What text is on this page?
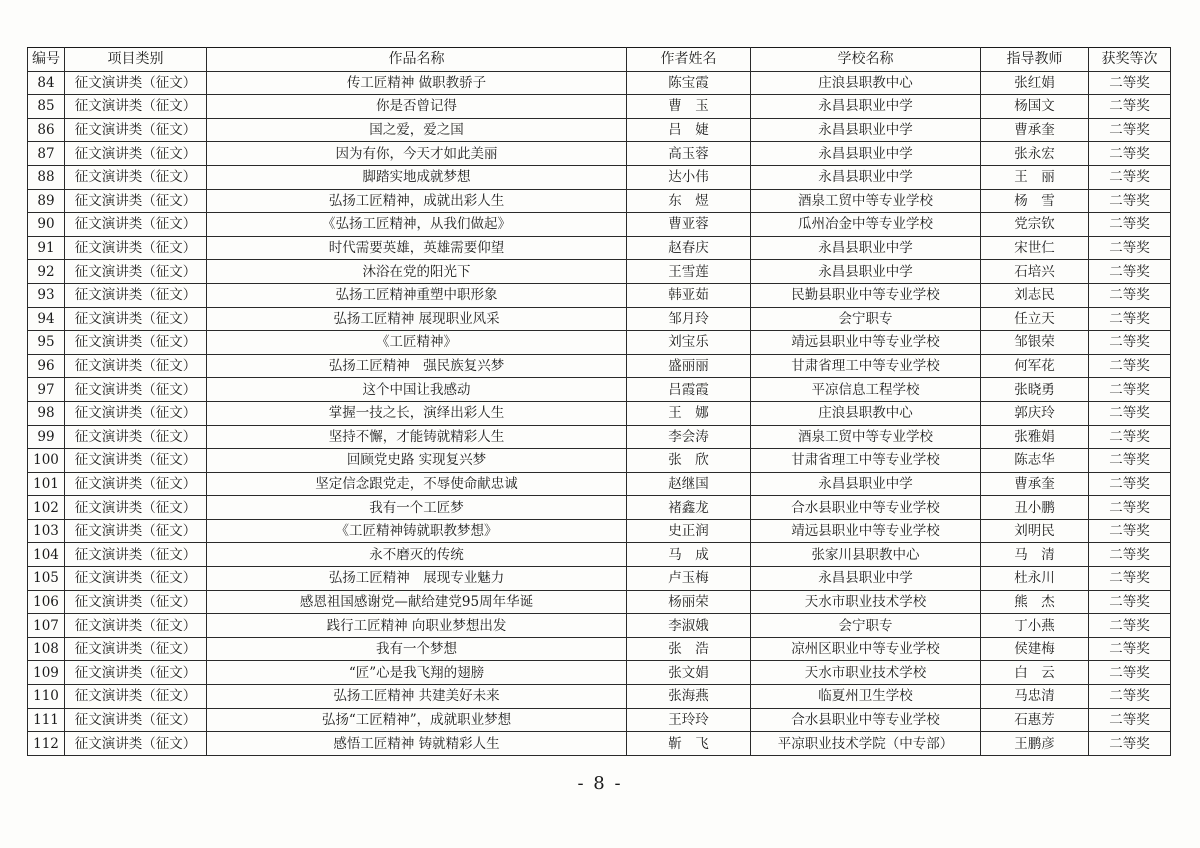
编号	项目类别	作品名称	作者姓名	学校名称	指导教师	获奖等次
84	征文演讲类（征文）	传工匠精神 做职教骄子	陈宝霞	庄浪县职教中心	张红娟	二等奖
85	征文演讲类（征文）	你是否曾记得	曹　玉	永昌县职业中学	杨国文	二等奖
86	征文演讲类（征文）	国之爱，爱之国	吕　婕	永昌县职业中学	曹承奎	二等奖
87	征文演讲类（征文）	因为有你，今天才如此美丽	高玉蓉	永昌县职业中学	张永宏	二等奖
88	征文演讲类（征文）	脚踏实地成就梦想	达小伟	永昌县职业中学	王　丽	二等奖
89	征文演讲类（征文）	弘扬工匠精神，成就出彩人生	东　煜	酒泉工贸中等专业学校	杨　雪	二等奖
90	征文演讲类（征文）	《弘扬工匠精神，从我们做起》	曹亚蓉	瓜州冶金中等专业学校	党宗钦	二等奖
91	征文演讲类（征文）	时代需要英雄，英雄需要仰望	赵春庆	永昌县职业中学	宋世仁	二等奖
92	征文演讲类（征文）	沐浴在党的阳光下	王雪莲	永昌县职业中学	石培兴	二等奖
93	征文演讲类（征文）	弘扬工匠精神重塑中职形象	韩亚茹	民勤县职业中等专业学校	刘志民	二等奖
94	征文演讲类（征文）	弘扬工匠精神 展现职业风采	邹月玲	会宁职专	任立天	二等奖
95	征文演讲类（征文）	《工匠精神》	刘宝乐	靖远县职业中等专业学校	邹银荣	二等奖
96	征文演讲类（征文）	弘扬工匠精神　强民族复兴梦	盛丽丽	甘肃省理工中等专业学校	何军花	二等奖
97	征文演讲类（征文）	这个中国让我感动	吕霞霞	平凉信息工程学校	张晓勇	二等奖
98	征文演讲类（征文）	掌握一技之长，演绎出彩人生	王　娜	庄浪县职教中心	郭庆玲	二等奖
99	征文演讲类（征文）	坚持不懈，才能铸就精彩人生	李会涛	酒泉工贸中等专业学校	张雅娟	二等奖
100	征文演讲类（征文）	回顾党史路 实现复兴梦	张　欣	甘肃省理工中等专业学校	陈志华	二等奖
101	征文演讲类（征文）	坚定信念跟党走，不辱使命献忠诚	赵继国	永昌县职业中学	曹承奎	二等奖
102	征文演讲类（征文）	我有一个工匠梦	褚鑫龙	合水县职业中等专业学校	丑小鹏	二等奖
103	征文演讲类（征文）	《工匠精神铸就职教梦想》	史正润	靖远县职业中等专业学校	刘明民	二等奖
104	征文演讲类（征文）	永不磨灭的传统	马　成	张家川县职教中心	马　清	二等奖
105	征文演讲类（征文）	弘扬工匠精神　展现专业魅力	卢玉梅	永昌县职业中学	杜永川	二等奖
106	征文演讲类（征文）	感恩祖国感谢党—献给建党95周年华诞	杨丽荣	天水市职业技术学校	熊　杰	二等奖
107	征文演讲类（征文）	践行工匠精神 向职业梦想出发	李淑娥	会宁职专	丁小燕	二等奖
108	征文演讲类（征文）	我有一个梦想	张　浩	凉州区职业中等专业学校	侯建梅	二等奖
109	征文演讲类（征文）	“匠”心是我飞翔的翅膀	张文娟	天水市职业技术学校	白　云	二等奖
110	征文演讲类（征文）	弘扬工匠精神 共建美好未来	张海燕	临夏州卫生学校	马忠清	二等奖
111	征文演讲类（征文）	弘扬“工匠精神”，成就职业梦想	王玲玲	合水县职业中等专业学校	石惠芳	二等奖
112	征文演讲类（征文）	感悟工匠精神 铸就精彩人生	靳　飞	平凉职业技术学院（中专部）	王鹏彦	二等奖
- 8 -
